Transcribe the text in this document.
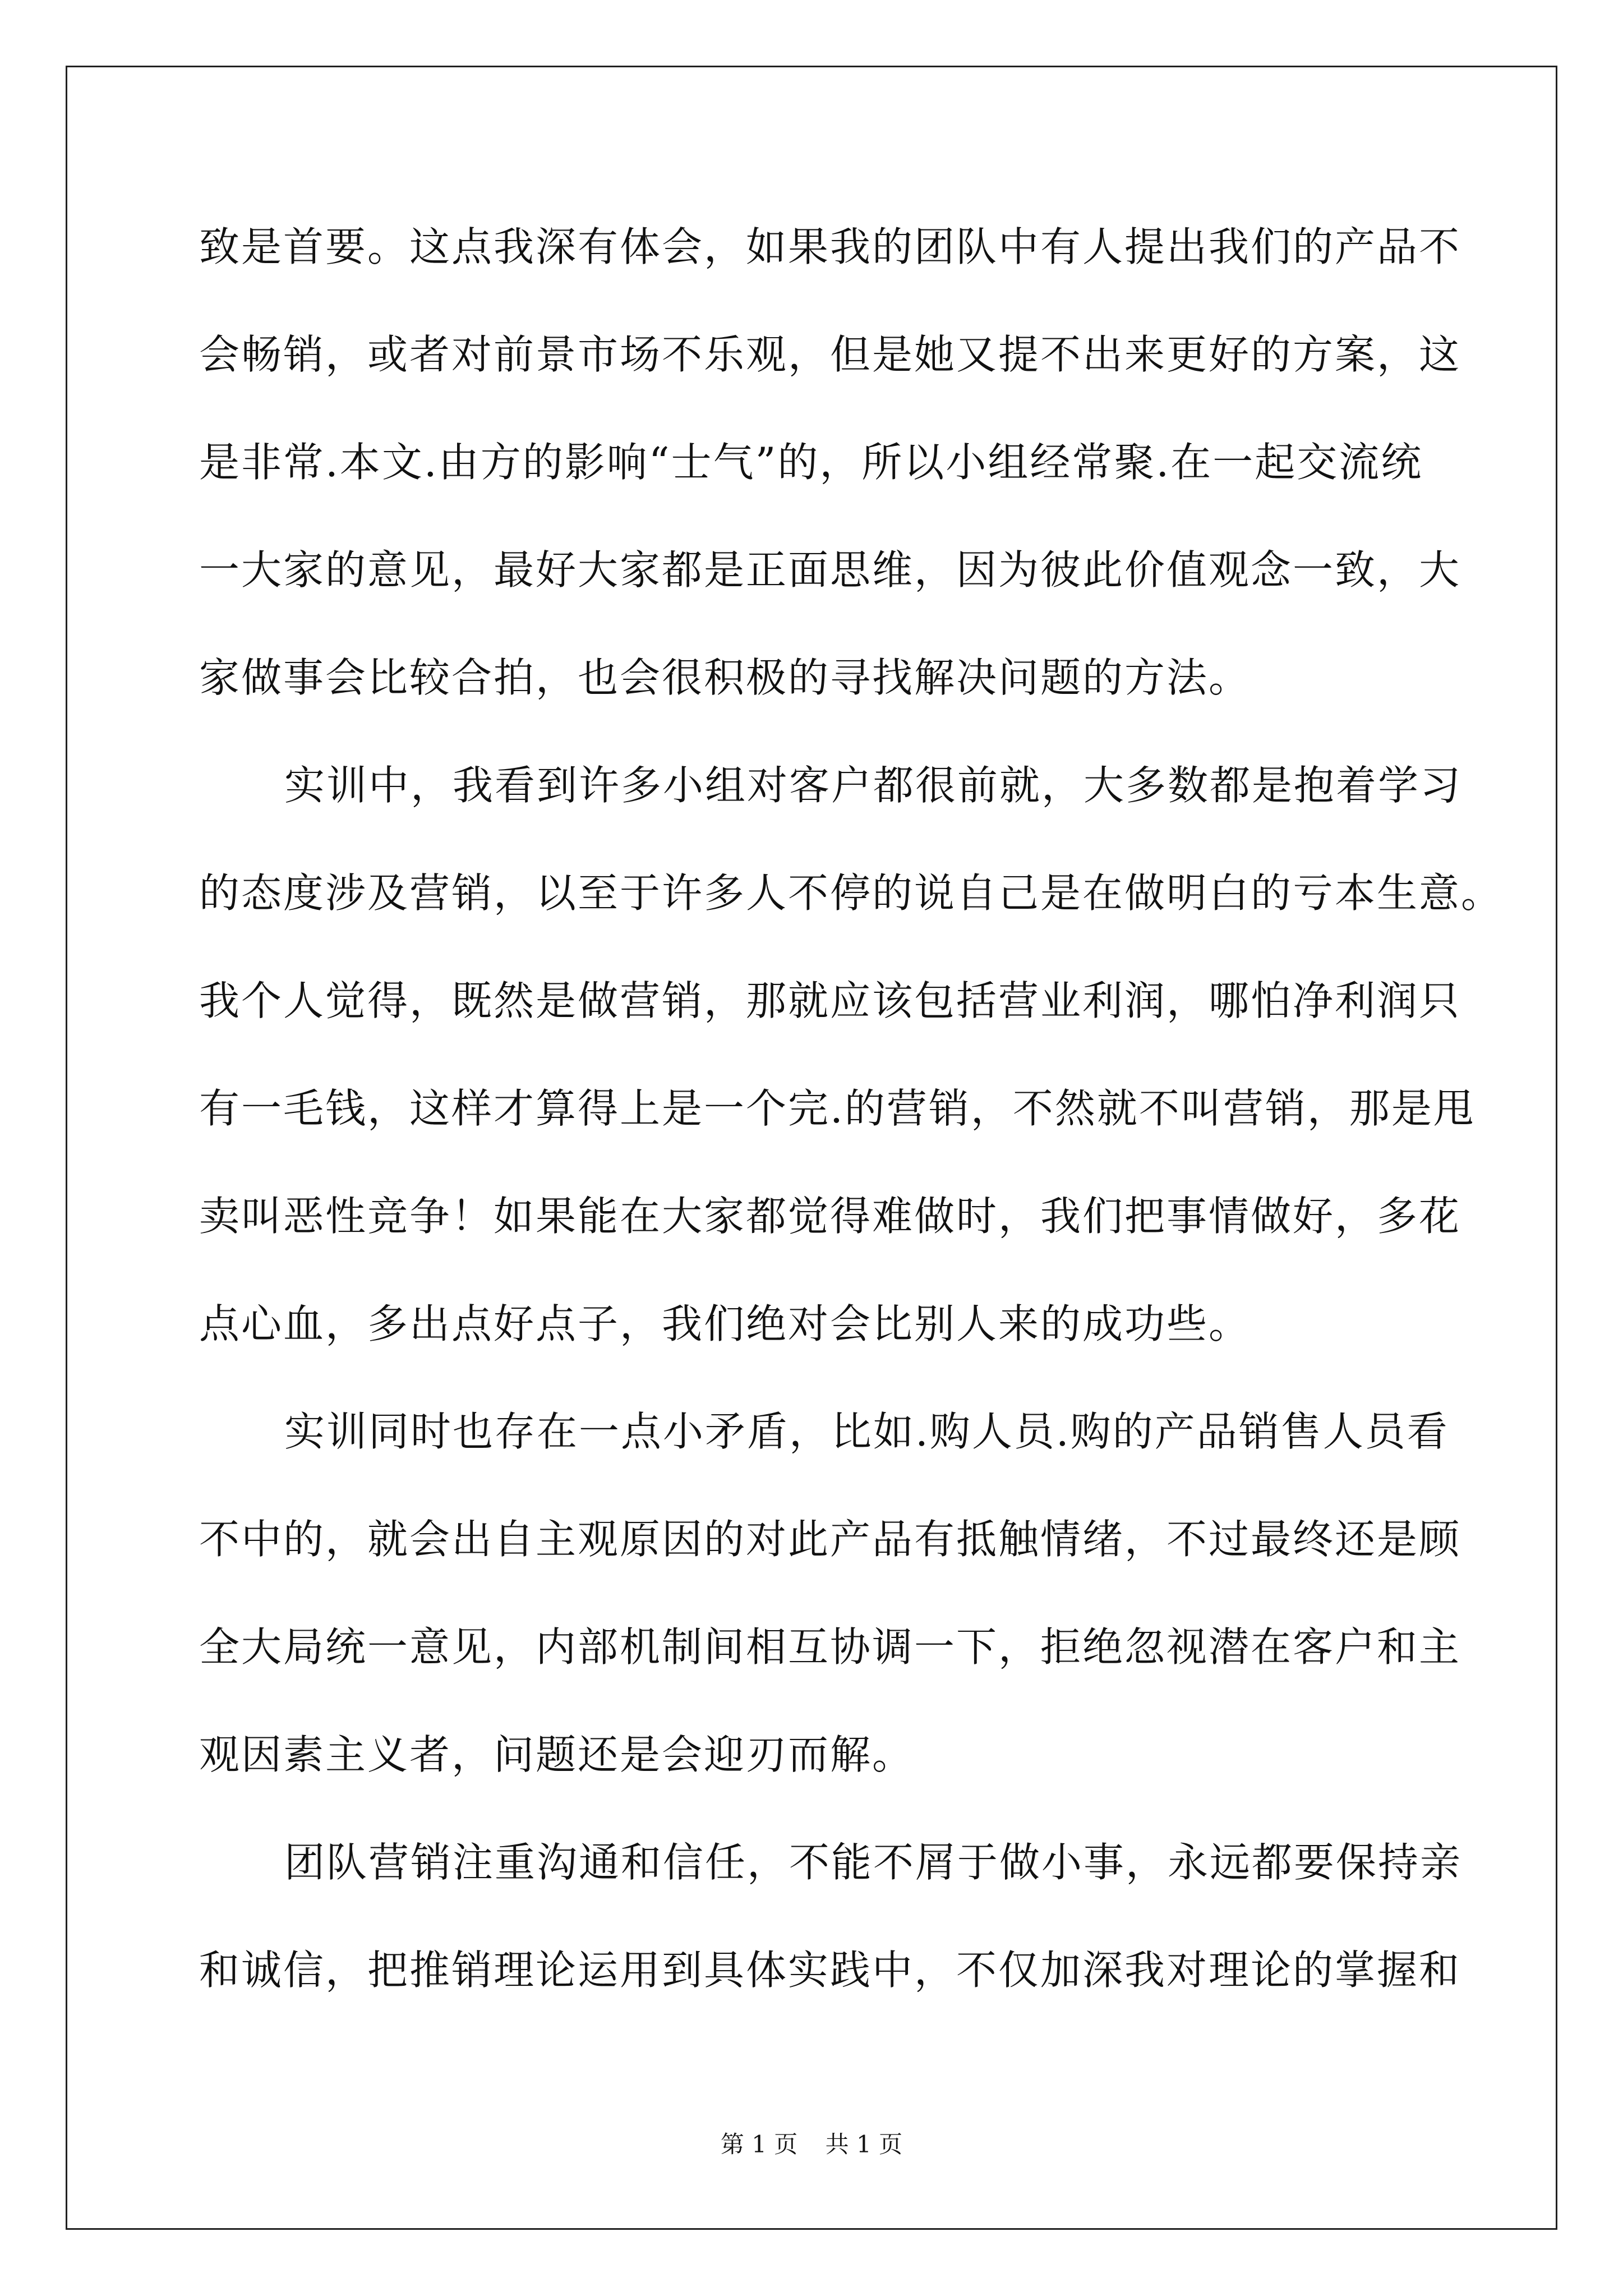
致是首要。这点我深有体会，如果我的团队中有人提出我们的产品不
会畅销，或者对前景市场不乐观，但是她又提不出来更好的方案，这
是非常.本文.由方的影响“士气”的，所以小组经常聚.在一起交流统
一大家的意见，最好大家都是正面思维，因为彼此价值观念一致，大
家做事会比较合拍，也会很积极的寻找解决问题的方法。
实训中，我看到许多小组对客户都很前就，大多数都是抱着学习
的态度涉及营销，以至于许多人不停的说自己是在做明白的亏本生意。
我个人觉得，既然是做营销，那就应该包括营业利润，哪怕净利润只
有一毛钱，这样才算得上是一个完.的营销，不然就不叫营销，那是甩
卖叫恶性竞争！如果能在大家都觉得难做时，我们把事情做好，多花
点心血，多出点好点子，我们绝对会比别人来的成功些。
实训同时也存在一点小矛盾，比如.购人员.购的产品销售人员看
不中的，就会出自主观原因的对此产品有抵触情绪，不过最终还是顾
全大局统一意见，内部机制间相互协调一下，拒绝忽视潜在客户和主
观因素主义者，问题还是会迎刃而解。
团队营销注重沟通和信任，不能不屑于做小事，永远都要保持亲
和诚信，把推销理论运用到具体实践中，不仅加深我对理论的掌握和
第 1 页 共 1 页
